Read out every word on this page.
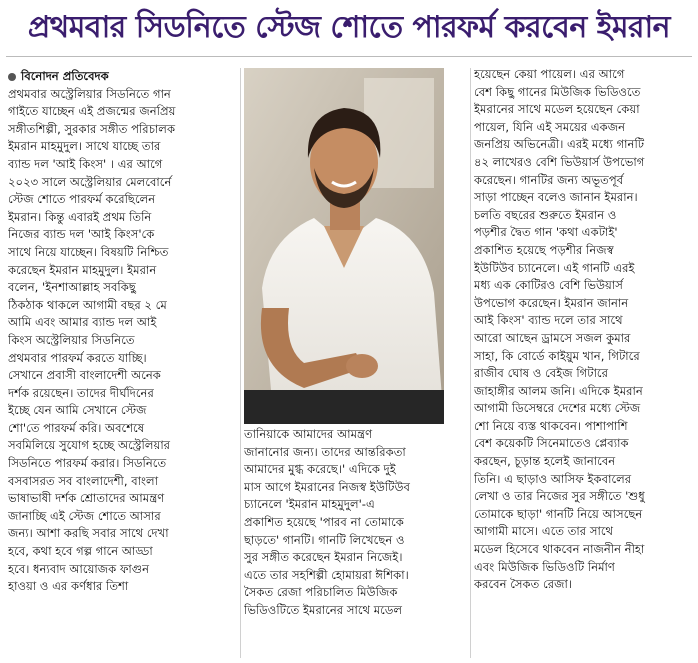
প্রথমবার সিডনিতে স্টেজ শোতে পারফর্ম করবেন ইমরান
বিনোদন প্রতিবেদক
প্রথমবার অস্ট্রেলিয়ার সিডনিতে গান
গাইতে যাচ্ছেন এই প্রজন্মের জনপ্রিয়
সঙ্গীতশিল্পী, সুরকার সঙ্গীত পরিচালক
ইমরান মাহমুদুল। সাথে যাচ্ছে তার
ব্যান্ড দল 'আই কিংস' । এর আগে
২০২৩ সালে অস্ট্রেলিয়ার মেলবোর্নে
স্টেজ শোতে পারফর্ম করেছিলেন
ইমরান। কিন্তু এবারই প্রথম তিনি
নিজের ব্যান্ড দল 'আই কিংস'কে
সাথে নিয়ে যাচ্ছেন। বিষয়টি নিশ্চিত
করেছেন ইমরান মাহমুদুল। ইমরান
বলেন, 'ইনশাআল্লাহ সবকিছু
ঠিকঠাক থাকলে আগামী বছর ২ মে
আমি এবং আমার ব্যান্ড দল আই
কিংস অস্ট্রেলিয়ার সিডনিতে
প্রথমবার পারফর্ম করতে যাচ্ছি।
সেখানে প্রবাসী বাংলাদেশী অনেক
দর্শক রয়েছেন। তাদের দীর্ঘদিনের
ইচ্ছে যেন আমি সেখানে স্টেজ
শো'তে পারফর্ম করি। অবশেষে
সবমিলিয়ে সুযোগ হচ্ছে অস্ট্রেলিয়ার
সিডনিতে পারফর্ম করার। সিডনিতে
বসবাসরত সব বাংলাদেশী, বাংলা
ভাষাভাষী দর্শক শ্রোতাদের আমন্ত্রণ
জানাচ্ছি এই স্টেজ শোতে আসার
জন্য। আশা করছি সবার সাথে দেখা
হবে, কথা হবে গল্প গানে আড্ডা
হবে। ধন্যবাদ আয়োজক ফাগুন
হাওয়া ও এর কর্ণধার তিশা
তানিয়াকে আমাদের আমন্ত্রণ
জানানোর জন্য। তাদের আন্তরিকতা
আমাদের মুগ্ধ করেছে।' এদিকে দুই
মাস আগে ইমরানের নিজস্ব ইউটিউব
চ্যানেলে 'ইমরান মাহমুদুল'-এ
প্রকাশিত হয়েছে 'পারব না তোমাকে
ছাড়তে' গানটি। গানটি লিখেছেন ও
সুর সঙ্গীত করেছেন ইমরান নিজেই।
এতে তার সহশিল্পী হোমায়রা ঈশিকা।
সৈকত রেজা পরিচালিত মিউজিক
ভিডিওটিতে ইমরানের সাথে মডেল
হয়েছেন কেয়া পায়েল। এর আগে
বেশ কিছু গানের মিউজিক ভিডিওতে
ইমরানের সাথে মডেল হয়েছেন কেয়া
পায়েল, যিনি এই সময়ের একজন
জনপ্রিয় অভিনেত্রী। এরই মধ্যে গানটি
৪২ লাখেরও বেশি ভিউয়ার্স উপভোগ
করেছেন। গানটির জন্য অভূতপূর্ব
সাড়া পাচ্ছেন বলেও জানান ইমরান।
চলতি বছরের শুরুতে ইমরান ও
পড়শীর দ্বৈত গান 'কথা একটাই'
প্রকাশিত হয়েছে পড়শীর নিজস্ব
ইউটিউব চ্যানেলে। এই গানটি এরই
মধ্য এক কোটিরও বেশি ভিউয়ার্স
উপভোগ করেছেন। ইমরান জানান
আই কিংস' ব্যান্ড দলে তার সাথে
আরো আছেন ড্রামসে সজল কুমার
সাহা, কি বোর্ডে কাইয়ুম খান, গিটারে
রাজীব ঘোষ ও বেইজ গিটারে
জাহাঙ্গীর আলম জনি। এদিকে ইমরান
আগামী ডিসেম্বরে দেশের মধ্যে স্টেজ
শো নিয়ে ব্যস্ত থাকবেন। পাশাপাশি
বেশ কয়েকটি সিনেমাতেও প্লেব্যাক
করছেন, চূড়ান্ত হলেই জানাবেন
তিনি। এ ছাড়াও আসিফ ইকবালের
লেখা ও তার নিজের সুর সঙ্গীতে 'শুধু
তোমাকে ছাড়া' গানটি নিয়ে আসছেন
আগামী মাসে। এতে তার সাথে
মডেল হিসেবে থাকবেন নাজনীন নীহা
এবং মিউজিক ভিডিওটি নির্মাণ
করবেন সৈকত রেজা।
